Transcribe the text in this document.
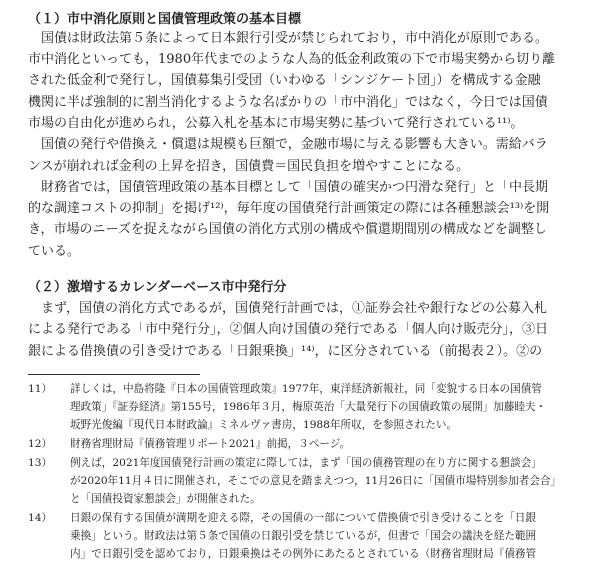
（１）市中消化原則と国債管理政策の基本目標
国債は財政法第５条によって日本銀行引受が禁じられており，市中消化が原則である。
市中消化といっても，1980年代までのような人為的低金利政策の下で市場実勢から切り離
された低金利で発行し，国債募集引受団（いわゆる「シンジケート団」）を構成する金融
機関に半ば強制的に割当消化するような名ばかりの「市中消化」ではなく，今日では国債
市場の自由化が進められ，公募入札を基本に市場実勢に基づいて発行されている¹¹⁾。
国債の発行や借換え・償還は規模も巨額で，金融市場に与える影響も大きい。需給バラ
ンスが崩れれば金利の上昇を招き，国債費＝国民負担を増やすことになる。
財務省では，国債管理政策の基本目標として「国債の確実かつ円滑な発行」と「中長期
的な調達コストの抑制」を掲げ¹²⁾，毎年度の国債発行計画策定の際には各種懇談会¹³⁾を開
き，市場のニーズを捉えながら国債の消化方式別の構成や償還期間別の構成などを調整し
ている。
（２）激増するカレンダーベース市中発行分
まず，国債の消化方式であるが，国債発行計画では，①証券会社や銀行などの公募入札
による発行である「市中発行分」，②個人向け国債の発行である「個人向け販売分」，③日
銀による借換債の引き受けである「日銀乗換」¹⁴⁾，に区分されている（前掲表２）。②の
11） 詳しくは，中島将隆『日本の国債管理政策』1977年，東洋経済新報社，同「変貌する日本の国債管
理政策」『証券経済』第155号，1986年３月，梅原英治「大量発行下の国債政策の展開」加藤睦夫・
坂野光俊編『現代日本財政論』ミネルヴァ書房，1988年所収，を参照されたい。
12） 財務省理財局『債務管理リポート2021』前掲，３ページ。
13） 例えば，2021年度国債発行計画の策定に際しては，まず「国の債務管理の在り方に関する懇談会」
が2020年11月４日に開催され，そこでの意見を踏まえつつ，11月26日に「国債市場特別参加者会合」
と「国債投資家懇談会」が開催された。
14） 日銀の保有する国債が満期を迎える際，その国債の一部について借換債で引き受けることを「日銀
乗換」という。財政法は第５条で国債の日銀引受を禁じているが，但書で「国会の議決を経た範囲
内」で日銀引受を認めており，日銀乗換はその例外にあたるとされている（財務省理財局『債務管
